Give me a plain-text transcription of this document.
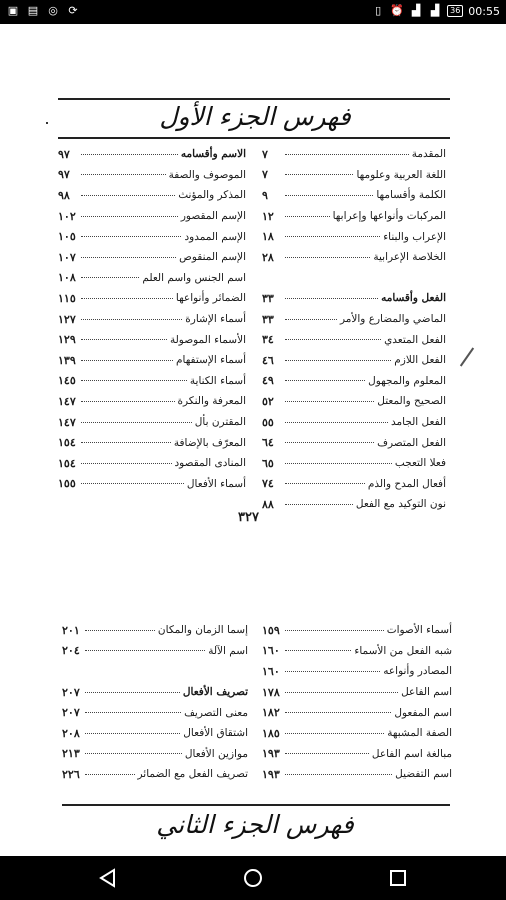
▣ ▤ ◎ ⟳	▯ ⏰ ▟ ▟	36 00:55
فهرس الجزء الأول
المقدمة
٧
اللغة العربية وعلومها
٧
الكلمة وأقسامها
٩
المركبات وأنواعها وإعرابها
١٢
الإعراب والبناء
١٨
الخلاصة الإعرابية
٢٨
الفعل وأقسامه
٣٣
الماضي والمضارع والأمر
٣٣
الفعل المتعدي
٣٤
الفعل اللازم
٤٦
المعلوم والمجهول
٤٩
الصحيح والمعتل
٥٢
الفعل الجامد
٥٥
الفعل المتصرف
٦٤
فعلا التعجب
٦٥
أفعال المدح والذم
٧٤
نون التوكيد مع الفعل
٨٨
الاسم وأقسامه
٩٧
الموصوف والصفة
٩٧
المذكر والمؤنث
٩٨
الإسم المقصور
١٠٢
الإسم الممدود
١٠٥
الإسم المنقوص
١٠٧
اسم الجنس واسم العلم
١٠٨
الضمائر وأنواعها
١١٥
أسماء الإشارة
١٢٧
الأسماء الموصولة
١٢٩
أسماء الإستفهام
١٣٩
أسماء الكناية
١٤٥
المعرفة والنكرة
١٤٧
المقترن بأل
١٤٧
المعرّف بالإضافة
١٥٤
المنادى المقصود
١٥٤
أسماء الأفعال
١٥٥
٣٢٧
أسماء الأصوات
١٥٩
شبه الفعل من الأسماء
١٦٠
المصادر وأنواعه
١٦٠
اسم الفاعل
١٧٨
اسم المفعول
١٨٢
الصفة المشبهة
١٨٥
مبالغة اسم الفاعل
١٩٣
اسم التفضيل
١٩٣
إسما الزمان والمكان
٢٠١
اسم الآلة
٢٠٤
تصريف الأفعال
٢٠٧
معنى التصريف
٢٠٧
اشتقاق الأفعال
٢٠٨
موازين الأفعال
٢١٣
تصريف الفعل مع الضمائر
٢٢٦
فهرس الجزء الثاني
